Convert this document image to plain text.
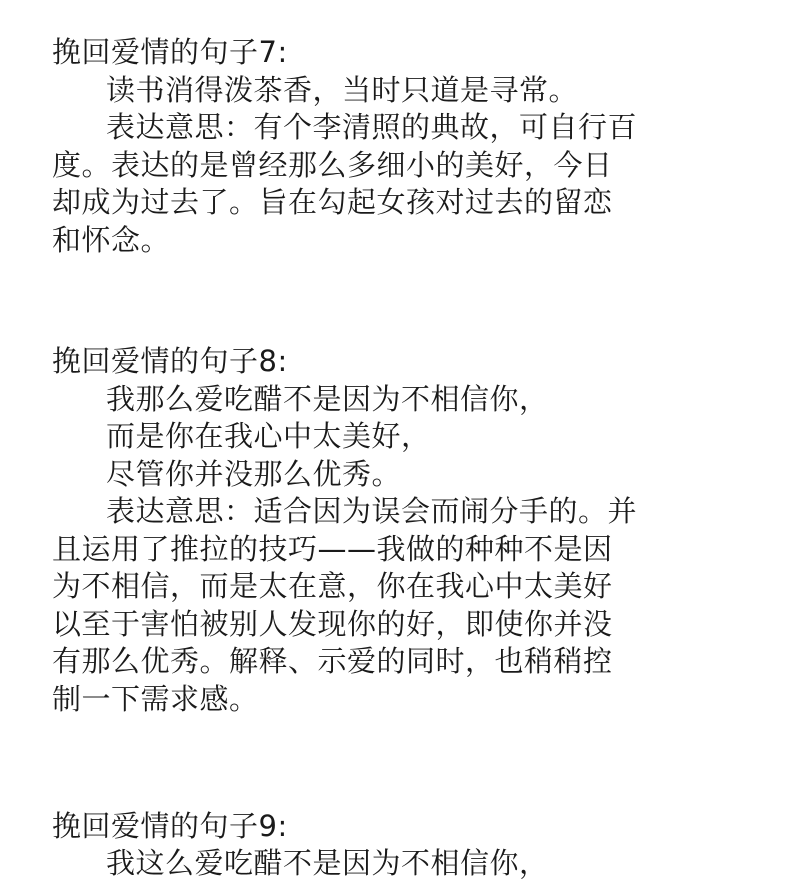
挽回爱情的句子7:
读书消得泼茶香，当时只道是寻常。
表达意思：有个李清照的典故，可自行百
度。表达的是曾经那么多细小的美好，今日
却成为过去了。旨在勾起女孩对过去的留恋
和怀念。
挽回爱情的句子8:
我那么爱吃醋不是因为不相信你，
而是你在我心中太美好，
尽管你并没那么优秀。
表达意思：适合因为误会而闹分手的。并
且运用了推拉的技巧——我做的种种不是因
为不相信，而是太在意，你在我心中太美好
以至于害怕被别人发现你的好，即使你并没
有那么优秀。解释、示爱的同时，也稍稍控
制一下需求感。
挽回爱情的句子9:
我这么爱吃醋不是因为不相信你，
